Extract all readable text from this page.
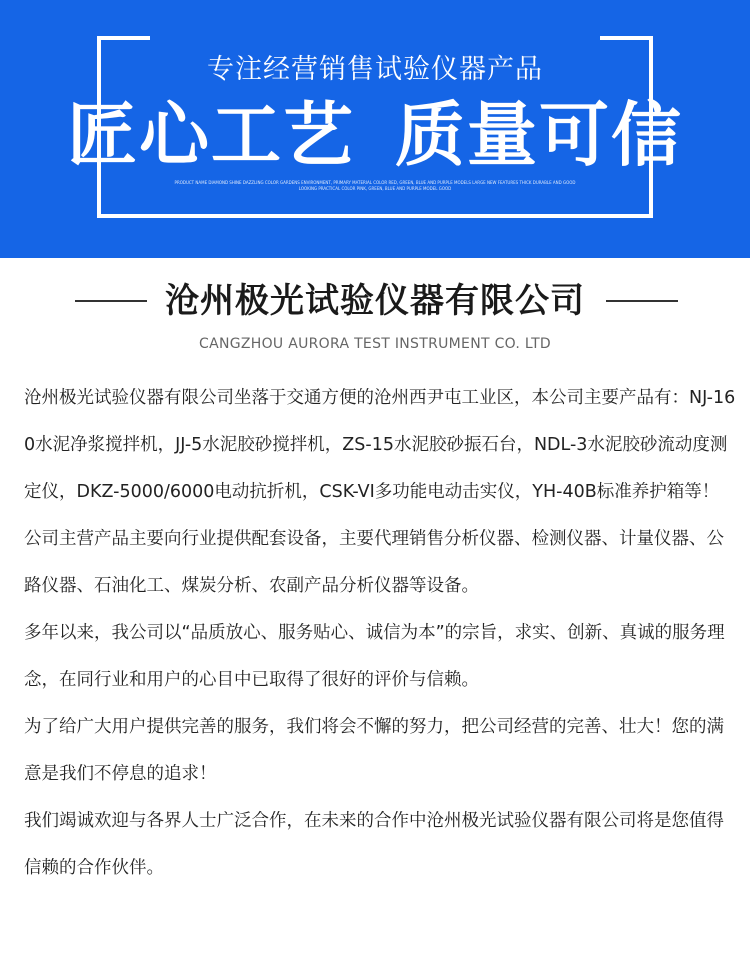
专注经营销售试验仪器产品
匠心工艺 质量可信
PRODUCT NAME DIAMOND SHINE DAZZLING COLOR GARDENS ENVIRONMENT, PRIMARY MATERIAL COLOR RED, GREEN, BLUE AND PURPLE MODELS LARGE NEW FEATURES THICK DURABLE AND GOOD LOOKING PRACTICAL COLOR PINK, GREEN, BLUE AND PURPLE MODEL GOOD
沧州极光试验仪器有限公司
CANGZHOU AURORA TEST INSTRUMENT CO. LTD

沧州极光试验仪器有限公司坐落于交通方便的沧州西尹屯工业区，本公司主要产品有：NJ-160水泥净浆搅拌机，JJ-5水泥胶砂搅拌机，ZS-15水泥胶砂振石台，NDL-3水泥胶砂流动度测定仪，DKZ-5000/6000电动抗折机，CSK-VI多功能电动击实仪，YH-40B标准养护箱等！

公司主营产品主要向行业提供配套设备，主要代理销售分析仪器、检测仪器、计量仪器、公路仪器、石油化工、煤炭分析、农副产品分析仪器等设备。

多年以来，我公司以“品质放心、服务贴心、诚信为本”的宗旨，求实、创新、真诚的服务理念，在同行业和用户的心目中已取得了很好的评价与信赖。

为了给广大用户提供完善的服务，我们将会不懈的努力，把公司经营的完善、壮大！您的满意是我们不停息的追求！

我们竭诚欢迎与各界人士广泛合作，在未来的合作中沧州极光试验仪器有限公司将是您值得信赖的合作伙伴。
